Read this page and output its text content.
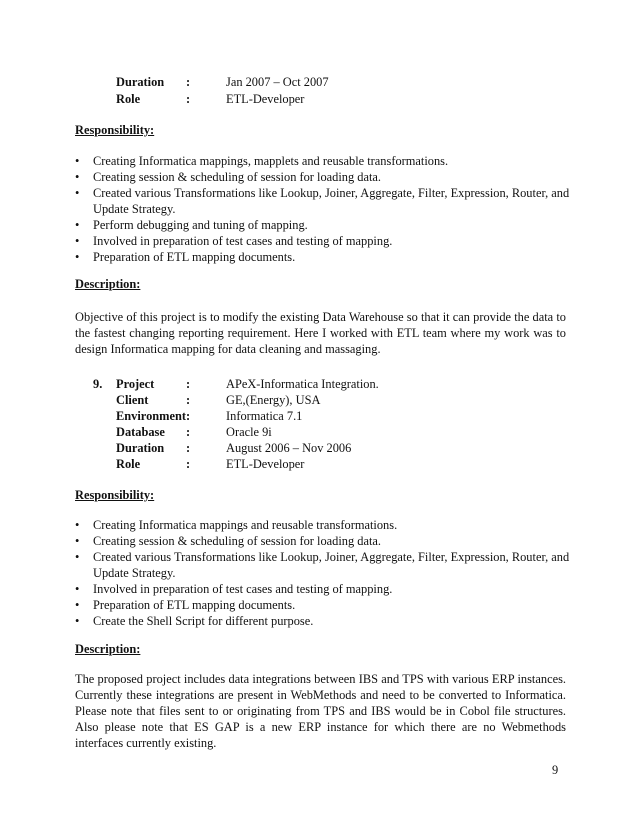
Duration :	Jan 2007 – Oct 2007
Role	:	ETL-Developer
Responsibility:
• Creating Informatica mappings, mapplets and reusable transformations.
• Creating session & scheduling of session for loading data.
• Created various Transformations like Lookup, Joiner, Aggregate, Filter, Expression, Router, and Update Strategy.
• Perform debugging and tuning of mapping.
• Involved in preparation of test cases and testing of mapping.
• Preparation of ETL mapping documents.
Description:

Objective of this project is to modify the existing Data Warehouse so that it can provide the data to the fastest changing reporting requirement. Here I worked with ETL team where my work was to design Informatica mapping for data cleaning and massaging.

9. Project	:	APeX-Informatica Integration.
Client	:	GE,(Energy), USA
Environment :	Informatica 7.1
Database :	Oracle 9i
Duration :	August 2006 – Nov 2006
Role	:	ETL-Developer
Responsibility:
• Creating Informatica mappings and reusable transformations.
• Creating session & scheduling of session for loading data.
• Created various Transformations like Lookup, Joiner, Aggregate, Filter, Expression, Router, and Update Strategy.
• Involved in preparation of test cases and testing of mapping.
• Preparation of ETL mapping documents.
• Create the Shell Script for different purpose.
Description:

The proposed project includes data integrations between IBS and TPS with various ERP instances. Currently these integrations are present in WebMethods and need to be converted to Informatica. Please note that files sent to or originating from TPS and IBS would be in Cobol file structures. Also please note that ES GAP is a new ERP instance for which there are no Webmethods interfaces currently existing.

9
